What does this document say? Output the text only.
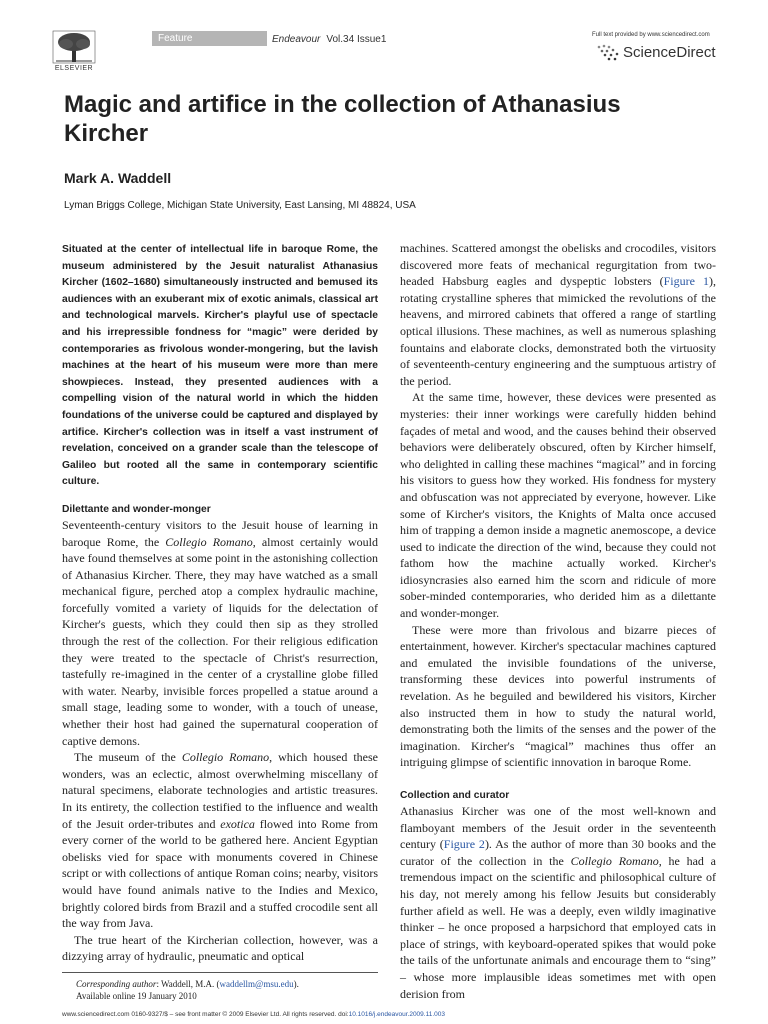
ELSEVIER
Feature	Endeavour Vol.34 Issue1	Full text provided by www.sciencedirect.com
ScienceDirect
Magic and artifice in the collection of Athanasius Kircher
Mark A. Waddell
Lyman Briggs College, Michigan State University, East Lansing, MI 48824, USA

Situated at the center of intellectual life in baroque Rome, the museum administered by the Jesuit naturalist Athanasius Kircher (1602–1680) simultaneously instructed and bemused its audiences with an exuberant mix of exotic animals, classical art and technological marvels. Kircher's playful use of spectacle and his irrepressible fondness for “magic” were derided by contemporaries as frivolous wonder-mongering, but the lavish machines at the heart of his museum were more than mere showpieces. Instead, they presented audiences with a compelling vision of the natural world in which the hidden foundations of the universe could be captured and displayed by artifice. Kircher's collection was in itself a vast instrument of revelation, conceived on a grander scale than the telescope of Galileo but rooted all the same in contemporary scientific culture.

Dilettante and wonder-monger

Seventeenth-century visitors to the Jesuit house of learning in baroque Rome, the Collegio Romano, almost certainly would have found themselves at some point in the astonishing collection of Athanasius Kircher. There, they may have watched as a small mechanical figure, perched atop a complex hydraulic machine, forcefully vomited a variety of liquids for the delectation of Kircher's guests, which they could then sip as they strolled through the rest of the collection. For their religious edification they were treated to the spectacle of Christ's resurrection, tastefully re-imagined in the center of a crystalline globe filled with water. Nearby, invisible forces propelled a statue around a small stage, leading some to wonder, with a touch of unease, whether their host had gained the supernatural cooperation of captive demons.

The museum of the Collegio Romano, which housed these wonders, was an eclectic, almost overwhelming miscellany of natural specimens, elaborate technologies and artistic treasures. In its entirety, the collection testified to the influence and wealth of the Jesuit order-tributes and exotica flowed into Rome from every corner of the world to be gathered here. Ancient Egyptian obelisks vied for space with monuments covered in Chinese script or with collections of antique Roman coins; nearby, visitors would have found animals native to the Indies and Mexico, brightly colored birds from Brazil and a stuffed crocodile sent all the way from Java.

The true heart of the Kircherian collection, however, was a dizzying array of hydraulic, pneumatic and optical

machines. Scattered amongst the obelisks and crocodiles, visitors discovered more feats of mechanical regurgitation from two-headed Habsburg eagles and dyspeptic lobsters (Figure 1), rotating crystalline spheres that mimicked the revolutions of the heavens, and mirrored cabinets that offered a range of startling optical illusions. These machines, as well as numerous splashing fountains and elaborate clocks, demonstrated both the virtuosity of seventeenth-century engineering and the sumptuous artistry of the period.

At the same time, however, these devices were presented as mysteries: their inner workings were carefully hidden behind façades of metal and wood, and the causes behind their observed behaviors were deliberately obscured, often by Kircher himself, who delighted in calling these machines “magical” and in forcing his visitors to guess how they worked. His fondness for mystery and obfuscation was not appreciated by everyone, however. Like some of Kircher's visitors, the Knights of Malta once accused him of trapping a demon inside a magnetic anemoscope, a device used to indicate the direction of the wind, because they could not fathom how the machine actually worked. Kircher's idiosyncrasies also earned him the scorn and ridicule of more sober-minded contemporaries, who derided him as a dilettante and wonder-monger.

These were more than frivolous and bizarre pieces of entertainment, however. Kircher's spectacular machines captured and emulated the invisible foundations of the universe, transforming these devices into powerful instruments of revelation. As he beguiled and bewildered his visitors, Kircher also instructed them in how to study the natural world, demonstrating both the limits of the senses and the power of the imagination. Kircher's “magical” machines thus offer an intriguing glimpse of scientific innovation in baroque Rome.

Collection and curator

Athanasius Kircher was one of the most well-known and flamboyant members of the Jesuit order in the seventeenth century (Figure 2). As the author of more than 30 books and the curator of the collection in the Collegio Romano, he had a tremendous impact on the scientific and philosophical culture of his day, not merely among his fellow Jesuits but considerably further afield as well. He was a deeply, even wildly imaginative thinker – he once proposed a harpsichord that employed cats in place of strings, with keyboard-operated spikes that would poke the tails of the unfortunate animals and encourage them to “sing” – whose more implausible ideas sometimes met with open derision from

Corresponding author: Waddell, M.A. (waddellm@msu.edu).
Available online 19 January 2010
www.sciencedirect.com 0160-9327/$ – see front matter © 2009 Elsevier Ltd. All rights reserved. doi:10.1016/j.endeavour.2009.11.003
